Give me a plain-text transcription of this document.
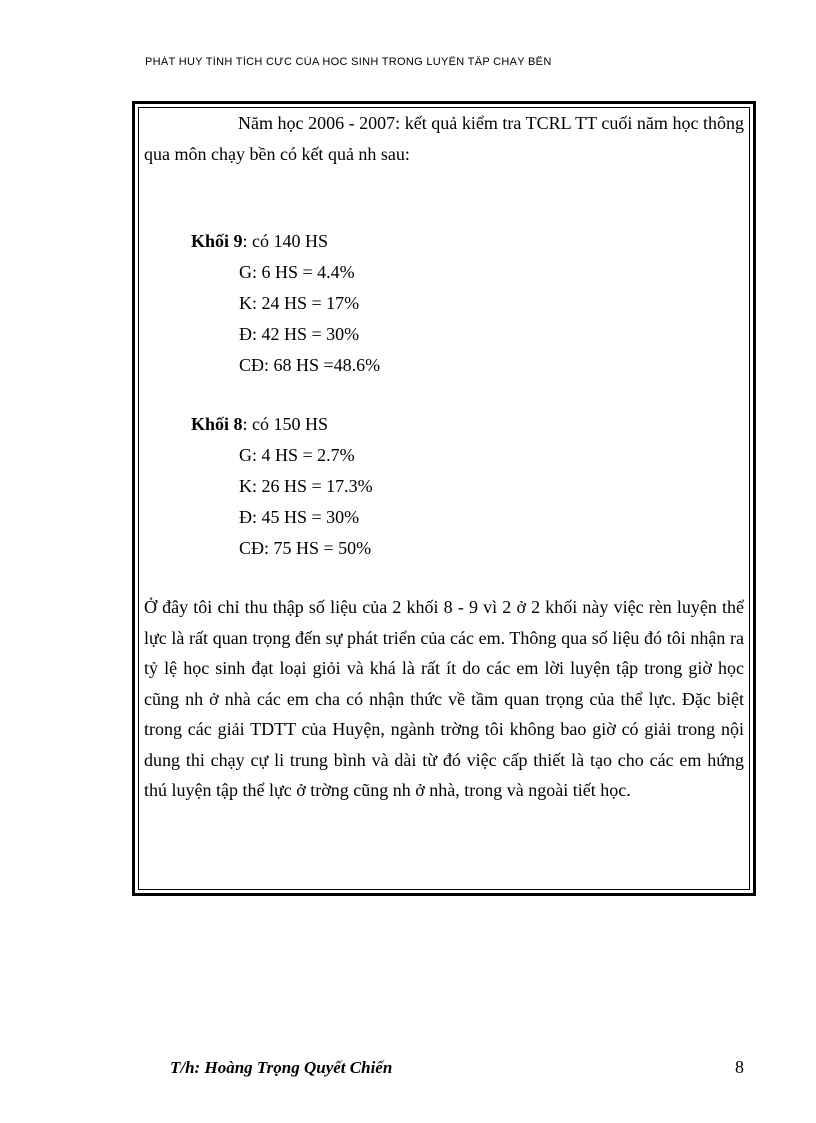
PHÁT HUY TÍNH TÍCH CỰC CỦA HỌC SINH TRONG LUYỆN TẬP CHẠY BỀN

Năm học 2006 - 2007: kết quả kiểm tra TCRL TT cuối năm học thông qua môn chạy bền có kết quả nh sau:

Khối 9: có 140 HS

G: 6 HS = 4.4%
K: 24 HS = 17%
Đ: 42 HS = 30%
CĐ: 68 HS =48.6%

Khối 8: có 150 HS

G: 4 HS = 2.7%
K: 26 HS = 17.3%
Đ: 45 HS = 30%
CĐ: 75 HS = 50%

Ở đây tôi chỉ thu thập số liệu của 2 khối 8 - 9 vì 2 ở 2 khối này việc rèn luyện thể lực là rất quan trọng đến sự phát triển của các em. Thông qua số liệu đó tôi nhận ra tỷ lệ học sinh đạt loại giỏi và khá là rất ít do các em lời luyện tập trong giờ học cũng nh ở nhà các em cha có nhận thức về tầm quan trọng của thể lực. Đặc biệt trong các giải TDTT của Huyện, ngành trờng tôi không bao giờ có giải trong nội dung thi chạy cự li trung bình và dài từ đó việc cấp thiết là tạo cho các em hứng thú luyện tập thể lực ở trờng cũng nh ở nhà, trong và ngoài tiết học.

T/h: Hoàng Trọng Quyết Chiến	8
